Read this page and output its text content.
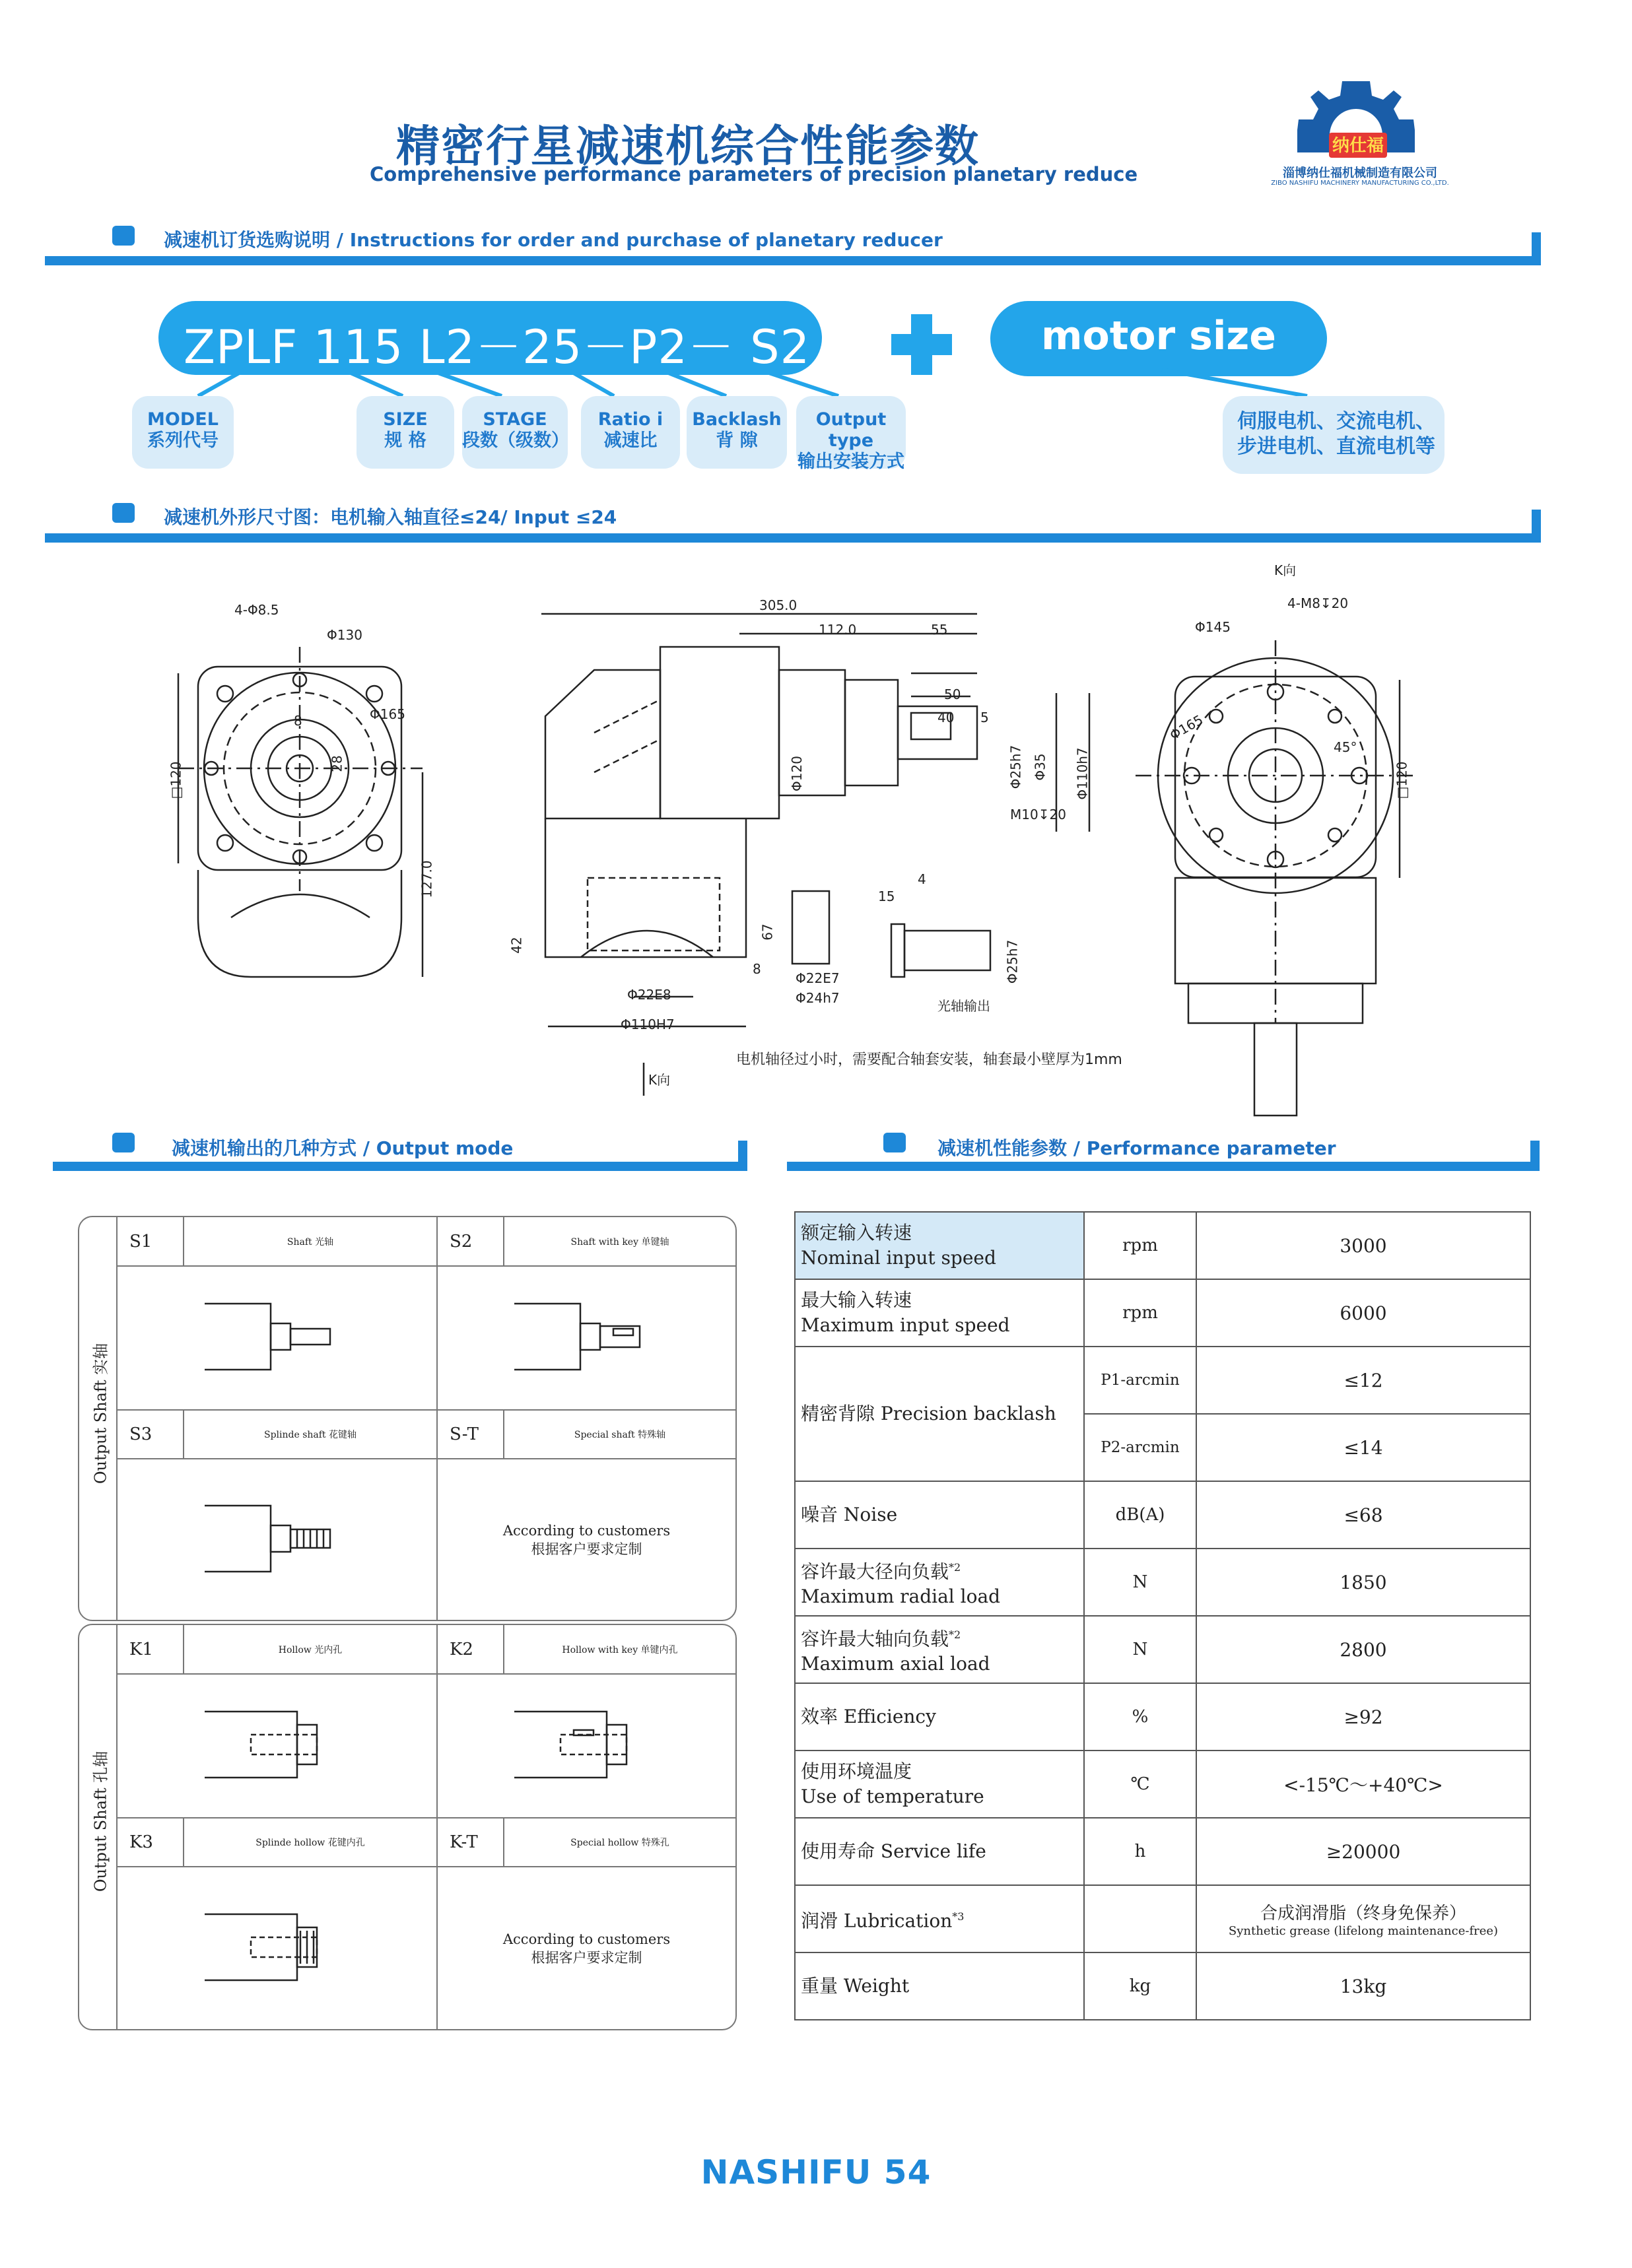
精密行星减速机综合性能参数
Comprehensive performance parameters of precision planetary reduce
纳仕福
淄博纳仕福机械制造有限公司
ZIBO NASHIFU MACHINERY MANUFACTURING CO.,LTD.
减速机订货选购说明 / Instructions for order and purchase of planetary reducer
ZPLF 115 L2－25－P2－ S2	motor size
MODEL
系列代号
SIZE
规 格
STAGE
段数（级数）
Ratio i
减速比
Backlash
背 隙
Output type
输出安装方式
伺服电机、交流电机、
步进电机、直流电机等
减速机外形尺寸图：电机输入轴直径≤24/ Input ≤24
K向
4-Φ8.5
Φ130
Φ165
□120
8
28
127.0
305.0
112.0	55
50
40 5
Φ25h7 Φ35 Φ110h7
M10↧20
Φ120
42
67
8
15
4
Φ22E8
Φ110H7
Φ22E7
Φ24h7
Φ25h7
光轴输出
Φ145
4-M8↧20
Φ165
45°
□120
电机轴径过小时，需要配合轴套安装，轴套最小壁厚为1mm
K向
减速机输出的几种方式 / Output mode	减速机性能参数 / Performance parameter
Output Shaft 实轴
S1	Shaft 光轴	S2	Shaft with key 单键轴

S3	Splinde shaft 花键轴	S-T	Special shaft 特殊轴

According to customers
根据客户要求定制	
Output Shaft 孔轴
K1	Hollow 光内孔	K2	Hollow with key 单键内孔

K3	Splinde hollow 花键内孔	K-T	Special hollow 特殊孔

According to customers
根据客户要求定制	
额定输入转速
Nominal input speed	rpm	3000

最大输入转速
Maximum input speed	rpm	6000
精密背隙 Precision backlash	P1-arcmin	≤12
	P2-arcmin	≤14
噪音 Noise	dB(A)	≤68

容许最大径向负载$^{*2}$
Maximum radial load	N	1850

容许最大轴向负载$^{*2}$
Maximum axial load	N	2800
效率 Efficiency	%	≥92

使用环境温度
Use of temperature	℃	<-15℃～+40℃>
使用寿命 Service life	h	≥20000
润滑 Lubrication$^{*3}$		合成润滑脂（终身免保养）
Synthetic grease (lifelong maintenance-free)

重量 Weight	kg	13kg
NASHIFU 54
